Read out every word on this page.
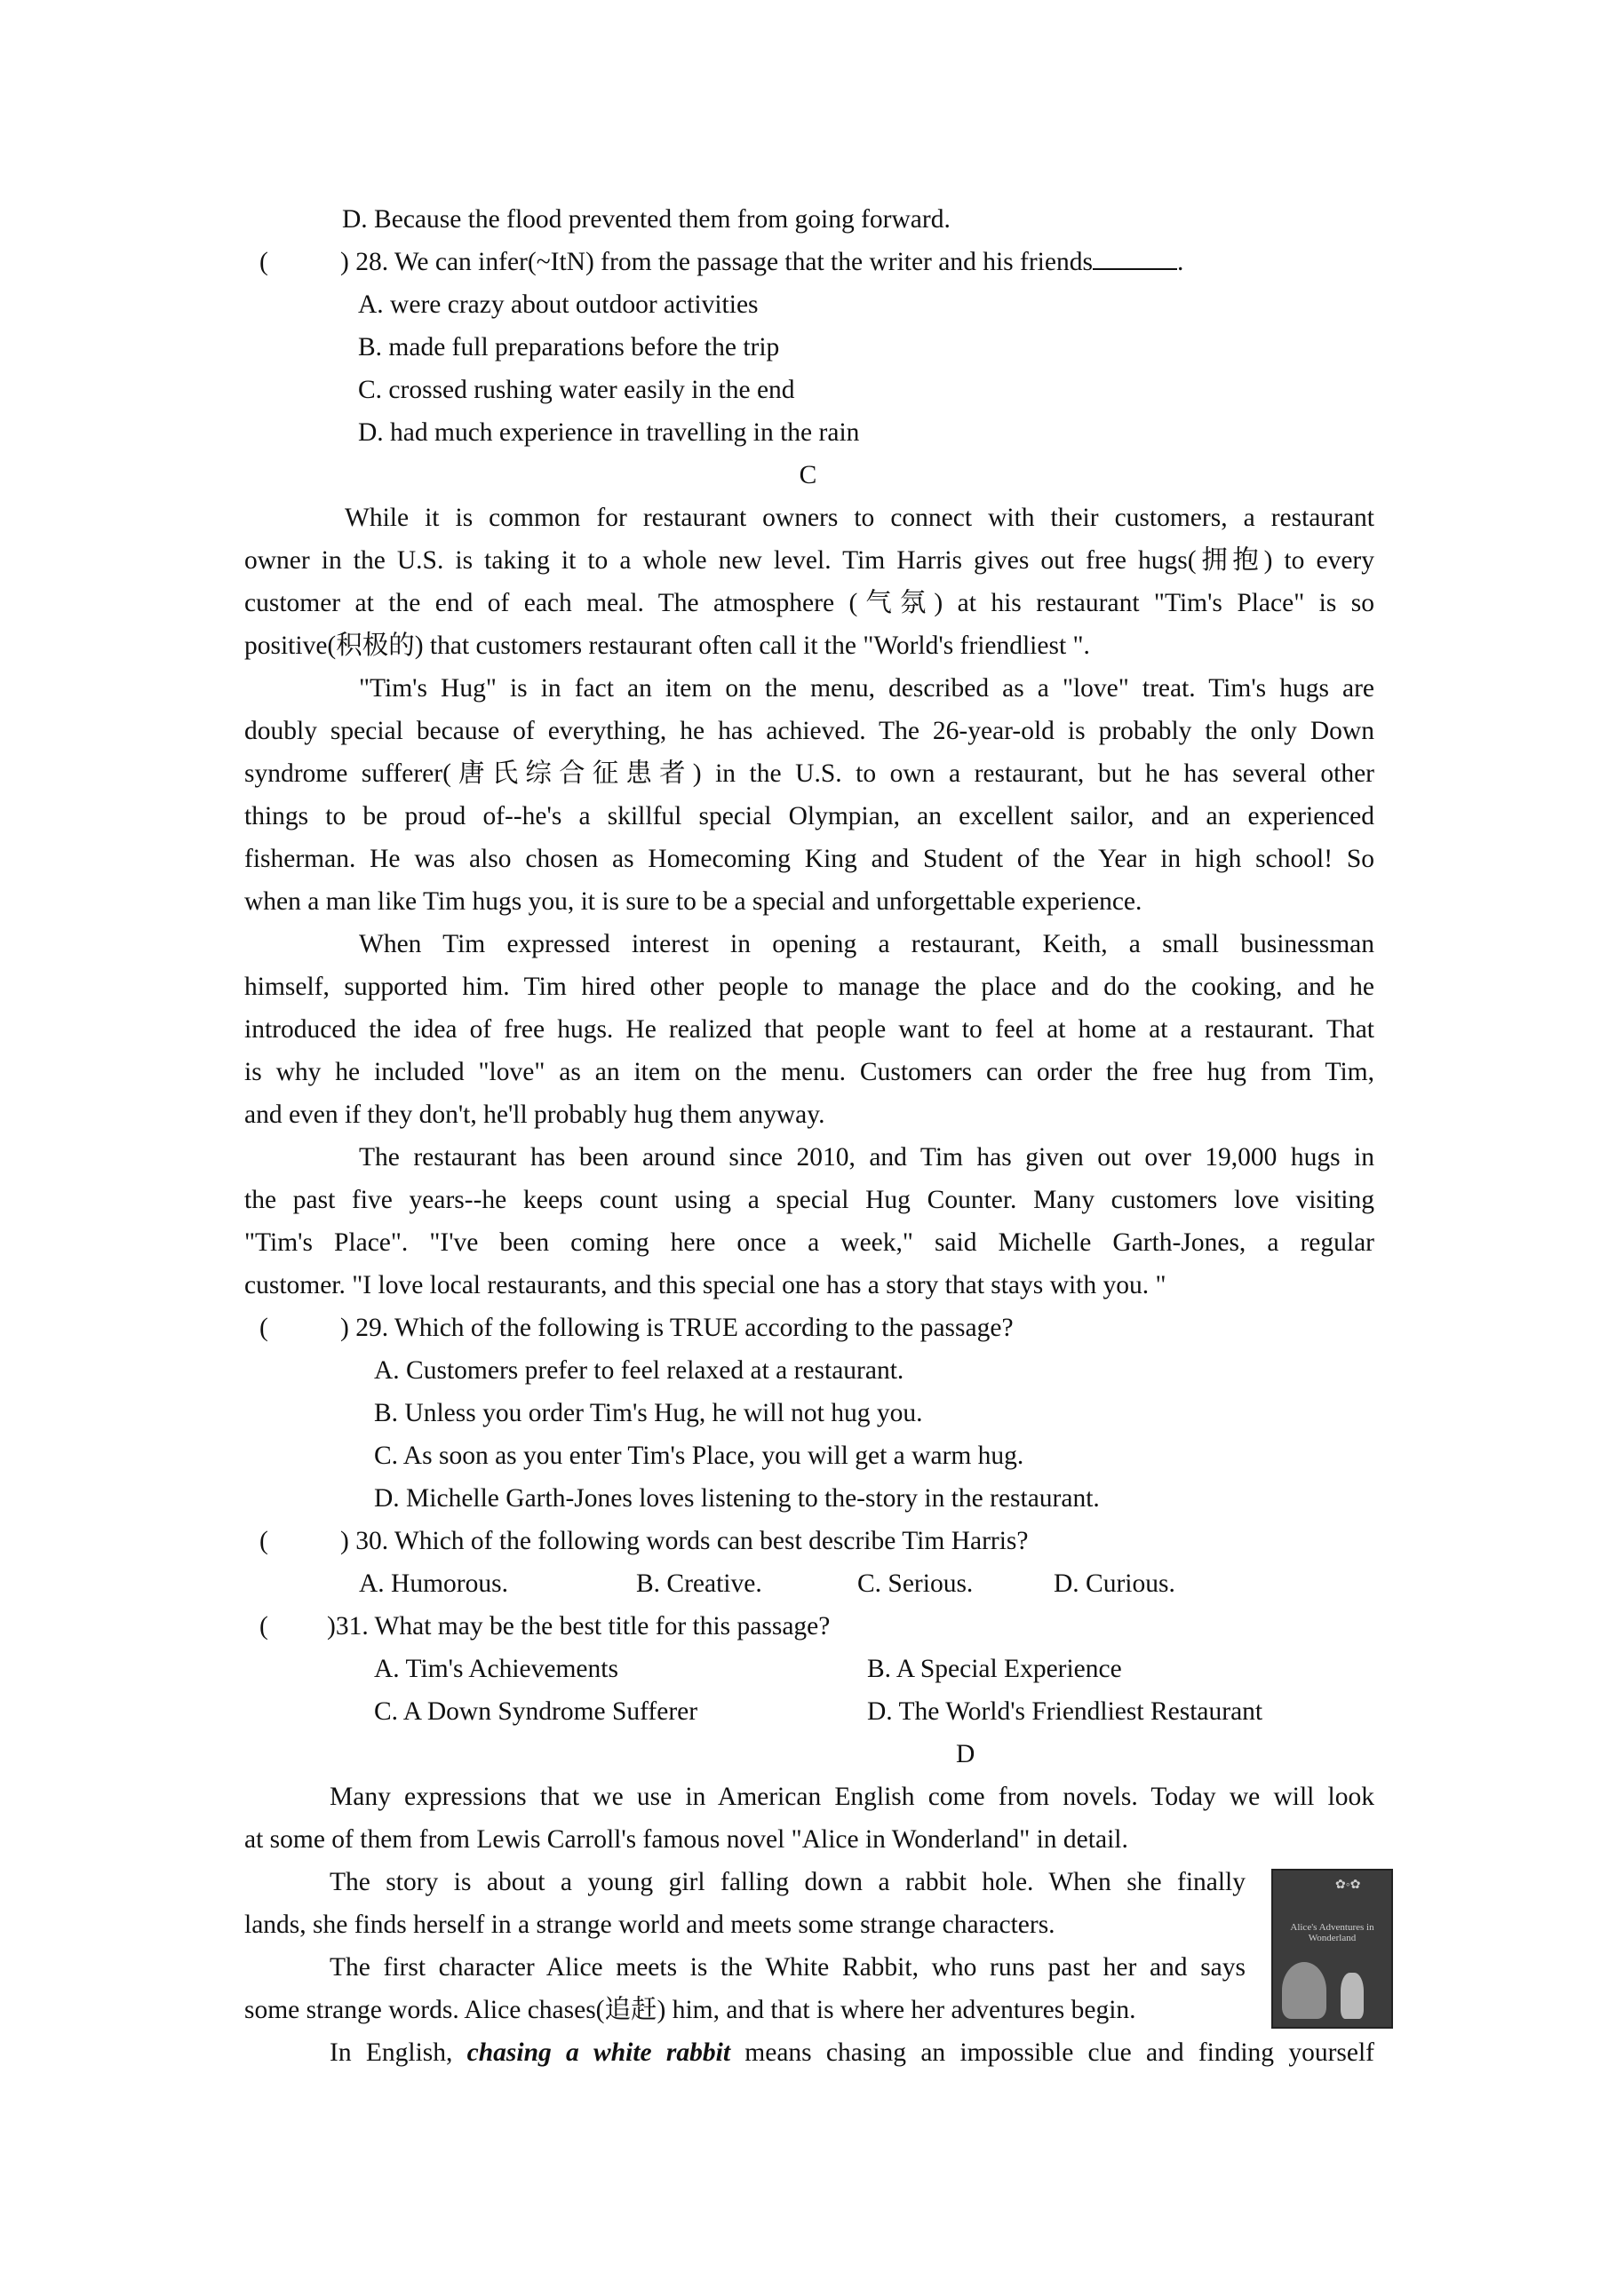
D. Because the flood prevented them from going forward.
(	) 28. We can infer(~ItN) from the passage that the writer and his friends	.
A. were crazy about outdoor activities
B. made full preparations before the trip
C. crossed rushing water easily in the end
D. had much experience in travelling in the rain
C
While it is common for restaurant owners to connect with their customers, a restaurant
owner in the U.S. is taking it to a whole new level. Tim Harris gives out free hugs(拥抱) to every
customer at the end of each meal. The atmosphere (气氛) at his restaurant "Tim's Place" is so
positive(积极的) that customers restaurant often call it the "World's friendliest ".
"Tim's Hug" is in fact an item on the menu, described as a "love" treat. Tim's hugs are
doubly special because of everything, he has achieved. The 26-year-old is probably the only Down
syndrome sufferer(唐氏综合征患者) in the U.S. to own a restaurant, but he has several other
things to be proud of--he's a skillful special Olympian, an excellent sailor, and an experienced
fisherman. He was also chosen as Homecoming King and Student of the Year in high school! So
when a man like Tim hugs you, it is sure to be a special and unforgettable experience.
When Tim expressed interest in opening a restaurant, Keith, a small businessman
himself, supported him. Tim hired other people to manage the place and do the cooking, and he
introduced the idea of free hugs. He realized that people want to feel at home at a restaurant. That
is why he included "love" as an item on the menu. Customers can order the free hug from Tim,
and even if they don't, he'll probably hug them anyway.
The restaurant has been around since 2010, and Tim has given out over 19,000 hugs in
the past five years--he keeps count using a special Hug Counter. Many customers love visiting
"Tim's Place". "I've been coming here once a week," said Michelle Garth-Jones, a regular
customer. "I love local restaurants, and this special one has a story that stays with you. "
(	) 29. Which of the following is TRUE according to the passage?
A. Customers prefer to feel relaxed at a restaurant.
B. Unless you order Tim's Hug, he will not hug you.
C. As soon as you enter Tim's Place, you will get a warm hug.
D. Michelle Garth-Jones loves listening to the-story in the restaurant.
(	) 30. Which of the following words can best describe Tim Harris?
A. Humorous.	B. Creative.	C. Serious.	D. Curious.
( )31. What may be the best title for this passage?
A. Tim's Achievements	B. A Special Experience
C. A Down Syndrome Sufferer	D. The World's Friendliest Restaurant
D
Many expressions that we use in American English come from novels. Today we will look
at some of them from Lewis Carroll's famous novel "Alice in Wonderland" in detail.
The story is about a young girl falling down a rabbit hole. When she finally
lands, she finds herself in a strange world and meets some strange characters.
The first character Alice meets is the White Rabbit, who runs past her and says
some strange words. Alice chases(追赶) him, and that is where her adventures begin.
In English, chasing a white rabbit means chasing an impossible clue and finding yourself
✿◦✿
Alice's Adventures in Wonderland
